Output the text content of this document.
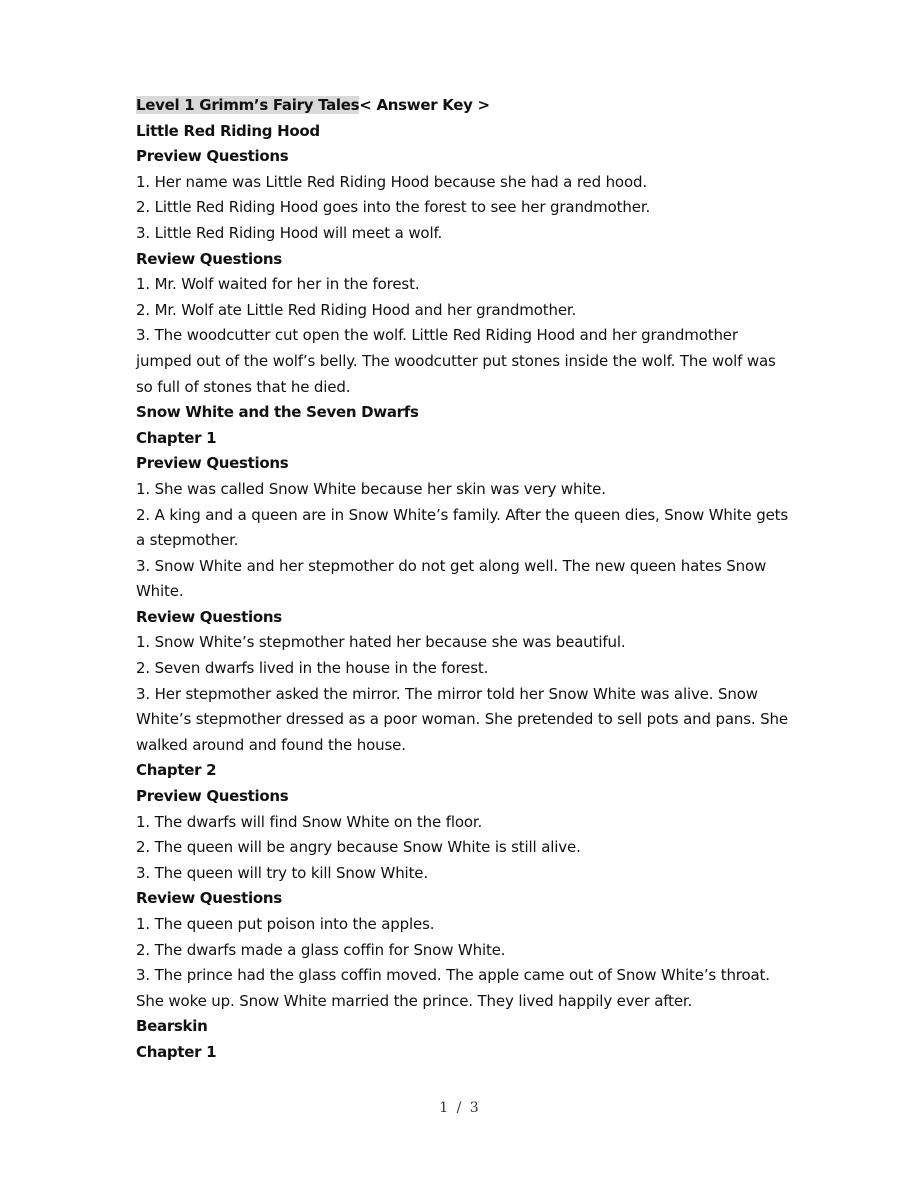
Level 1 Grimm’s Fairy Tales< Answer Key >
Little Red Riding Hood
Preview Questions
1. Her name was Little Red Riding Hood because she had a red hood.
2. Little Red Riding Hood goes into the forest to see her grandmother.
3. Little Red Riding Hood will meet a wolf.
Review Questions
1. Mr. Wolf waited for her in the forest.
2. Mr. Wolf ate Little Red Riding Hood and her grandmother.
3. The woodcutter cut open the wolf. Little Red Riding Hood and her grandmother
jumped out of the wolf’s belly. The woodcutter put stones inside the wolf. The wolf was
so full of stones that he died.
Snow White and the Seven Dwarfs
Chapter 1
Preview Questions
1. She was called Snow White because her skin was very white.
2. A king and a queen are in Snow White’s family. After the queen dies, Snow White gets
a stepmother.
3. Snow White and her stepmother do not get along well. The new queen hates Snow
White.
Review Questions
1. Snow White’s stepmother hated her because she was beautiful.
2. Seven dwarfs lived in the house in the forest.
3. Her stepmother asked the mirror. The mirror told her Snow White was alive. Snow
White’s stepmother dressed as a poor woman. She pretended to sell pots and pans. She
walked around and found the house.
Chapter 2
Preview Questions
1. The dwarfs will find Snow White on the floor.
2. The queen will be angry because Snow White is still alive.
3. The queen will try to kill Snow White.
Review Questions
1. The queen put poison into the apples.
2. The dwarfs made a glass coffin for Snow White.
3. The prince had the glass coffin moved. The apple came out of Snow White’s throat.
She woke up. Snow White married the prince. They lived happily ever after.
Bearskin
Chapter 1
1 / 3
